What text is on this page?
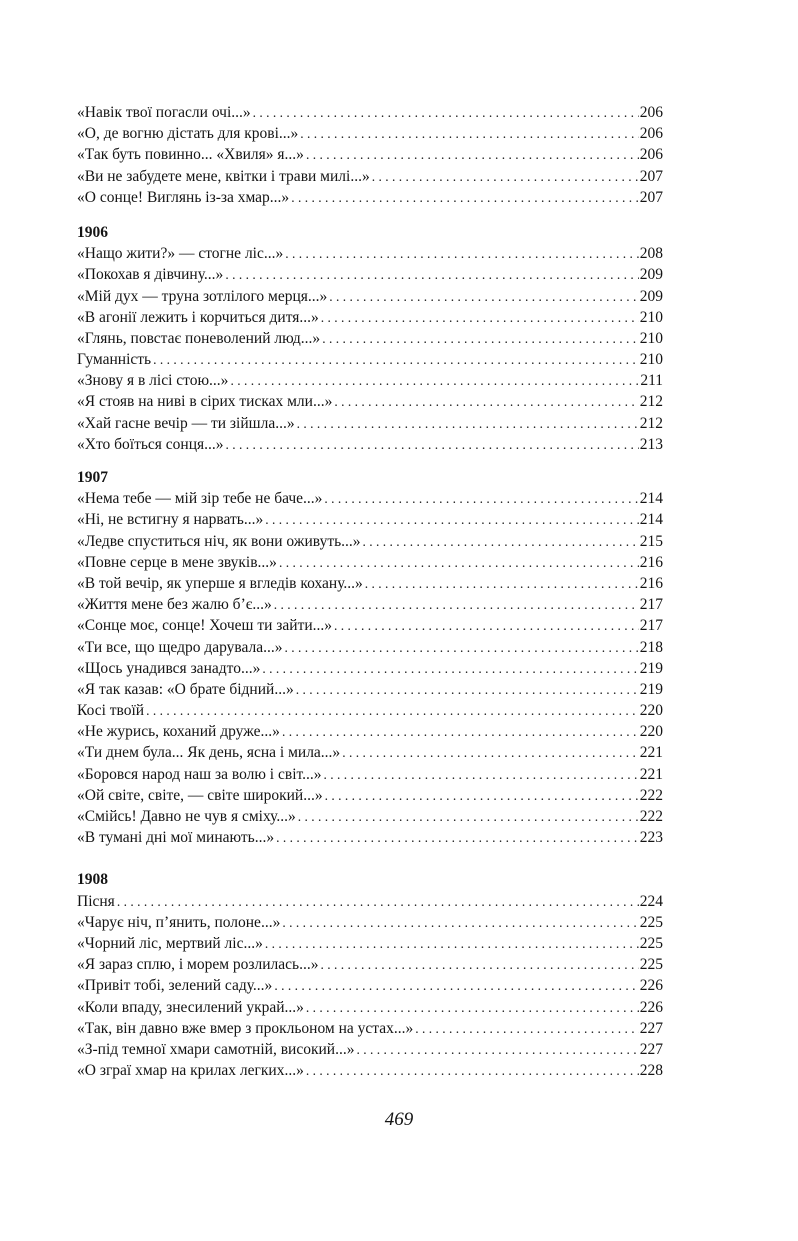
«Навік твої погасли очі...» . . .	206
«О, де вогню дістать для крові...» . . .	206
«Так буть повинно... «Хвиля» я...» . . .	206
«Ви не забудете мене, квітки і трави милі...» . . .	207
«О сонце! Виглянь із-за хмар...» . . .	207
1906
«Нащо жити?» — стогне ліс...» . . .	208
«Покохав я дівчину...» . . .	209
«Мій дух — труна зотлілого мерця...» . . .	209
«В агонії лежить і корчиться дитя...» . . .	210
«Глянь, повстає поневолений люд...» . . .	210
Гуманність . . .	210
«Знову я в лісі стою...» . . .	211
«Я стояв на ниві в сірих тисках мли...» . . .	212
«Хай гасне вечір — ти зійшла...» . . .	212
«Хто боїться сонця...» . . .	213
1907
«Нема тебе — мій зір тебе не баче...» . . .	214
«Ні, не встигну я нарвать...» . . .	214
«Ледве спуститься ніч, як вони оживуть...» . . .	215
«Повне серце в мене звуків...» . . .	216
«В той вечір, як уперше я вгледів кохану...» . . .	216
«Життя мене без жалю б’є...» . . .	217
«Сонце моє, сонце! Хочеш ти зайти...» . . .	217
«Ти все, що щедро дарувала...» . . .	218
«Щось унадився занадто...» . . .	219
«Я так казав: «О брате бідний...» . . .	219
Косі твоїй . . .	220
«Не журись, коханий друже...» . . .	220
«Ти днем була... Як день, ясна і мила...» . . .	221
«Боровся народ наш за волю і світ...» . . .	221
«Ой світе, світе, — світе широкий...» . . .	222
«Смійсь! Давно не чув я сміху...» . . .	222
«В тумані дні мої минають...» . . .	223
1908
Пісня . . .	224
«Чарує ніч, п’янить, полоне...» . . .	225
«Чорний ліс, мертвий ліс...» . . .	225
«Я зараз сплю, і морем розлилась...» . . .	225
«Привіт тобі, зелений саду...» . . .	226
«Коли впаду, знесилений украй...» . . .	226
«Так, він давно вже вмер з прокльоном на устах...» . . .	227
«З-під темної хмари самотній, високий...» . . .	227
«О зграї хмар на крилах легких...» . . .	228
469
